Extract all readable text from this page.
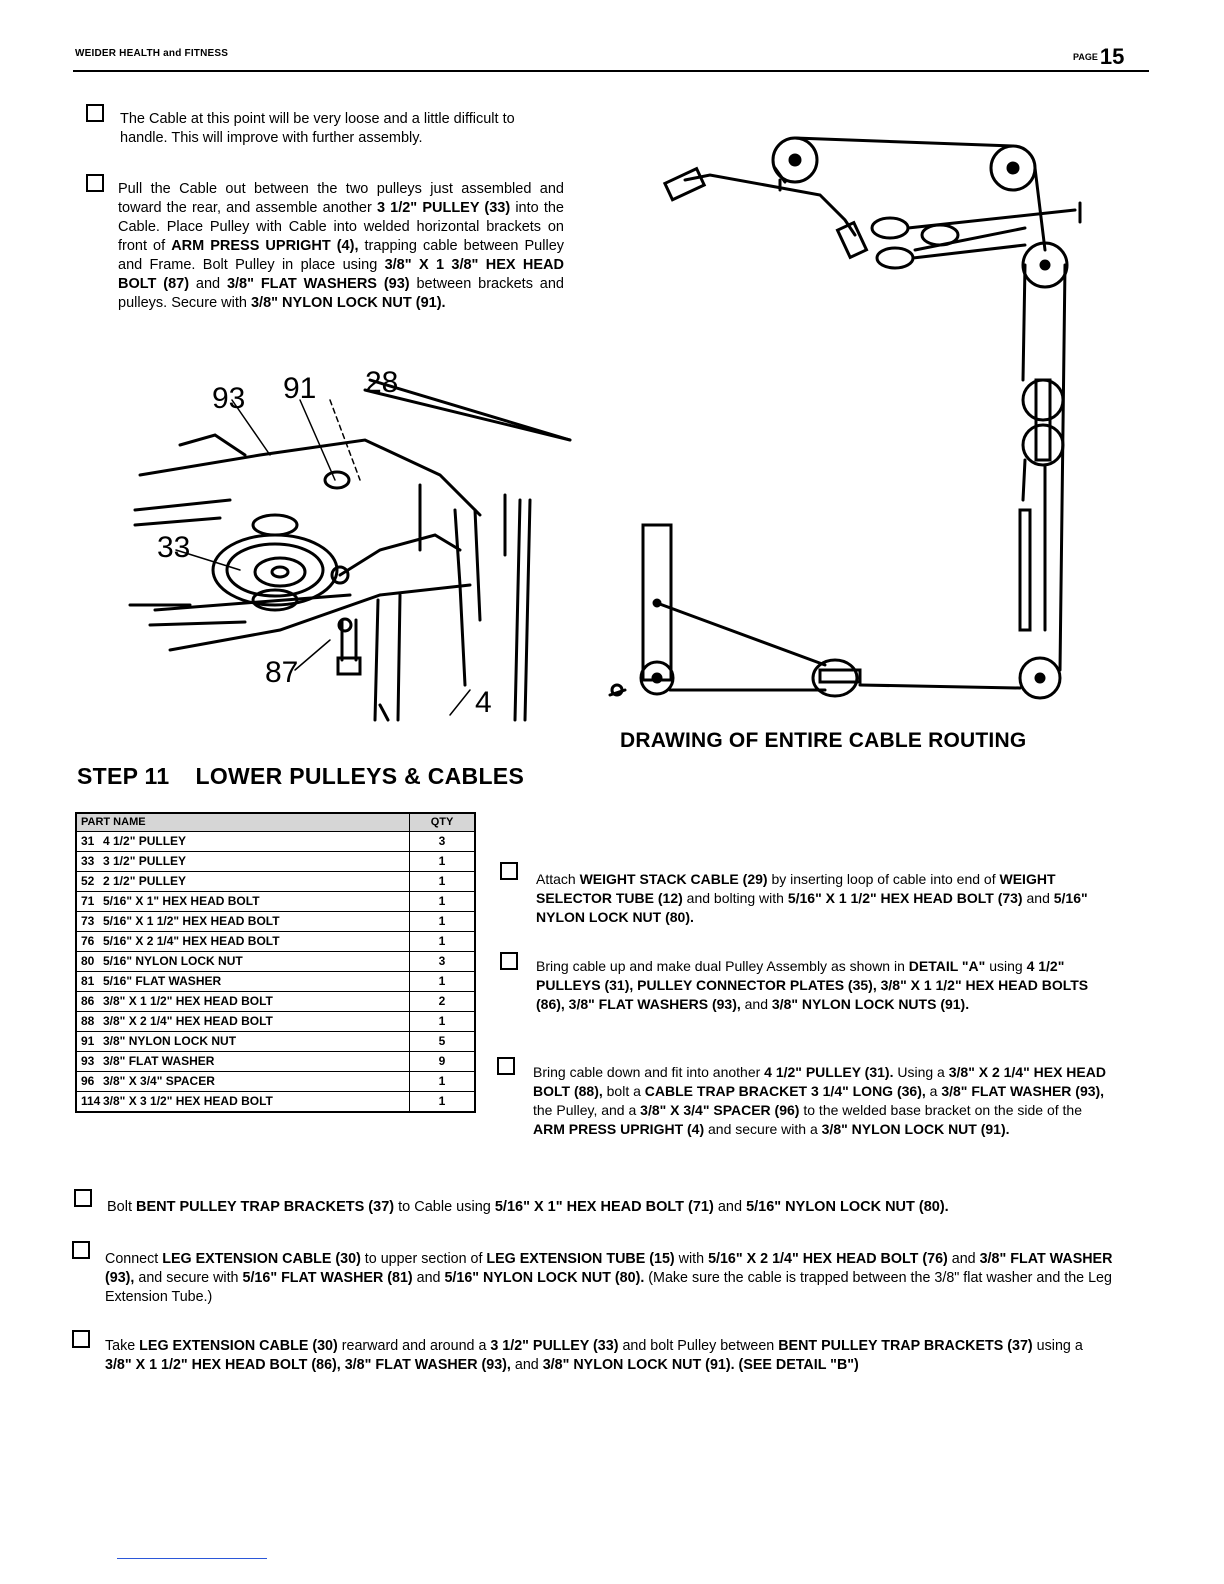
WEIDER HEALTH and FITNESS	PAGE15
The Cable at this point will be very loose and a little difficult to handle. This will improve with further assembly.
Pull the Cable out between the two pulleys just assembled and toward the rear, and assemble another 3 1/2" PULLEY (33) into the Cable. Place Pulley with Cable into welded horizontal brackets on front of ARM PRESS UPRIGHT (4), trapping cable between Pulley and Frame. Bolt Pulley in place using 3/8" X 1 3/8" HEX HEAD BOLT (87) and 3/8" FLAT WASHERS (93) between brackets and pulleys. Secure with 3/8" NYLON LOCK NUT (91).
93 91 28
33
87
4
DRAWING OF ENTIRE CABLE ROUTING
STEP 11 LOWER PULLEYS & CABLES
PART NAME	QTY
31 4 1/2" PULLEY	3
33 3 1/2" PULLEY	1
52 2 1/2" PULLEY	1
71 5/16" X 1" HEX HEAD BOLT	1
73 5/16" X 1 1/2" HEX HEAD BOLT	1
76 5/16" X 2 1/4" HEX HEAD BOLT	1
80 5/16" NYLON LOCK NUT	3
81 5/16" FLAT WASHER	1
86 3/8" X 1 1/2" HEX HEAD BOLT	2
88 3/8" X 2 1/4" HEX HEAD BOLT	1
91 3/8" NYLON LOCK NUT	5
93 3/8" FLAT WASHER	9
96 3/8" X 3/4" SPACER	1
114 3/8" X 3 1/2" HEX HEAD BOLT	1
Attach WEIGHT STACK CABLE (29) by inserting loop of cable into end of WEIGHT SELECTOR TUBE (12) and bolting with 5/16" X 1 1/2" HEX HEAD BOLT (73) and 5/16" NYLON LOCK NUT (80).
Bring cable up and make dual Pulley Assembly as shown in DETAIL "A" using 4 1/2" PULLEYS (31), PULLEY CONNECTOR PLATES (35), 3/8" X 1 1/2" HEX HEAD BOLTS (86), 3/8" FLAT WASHERS (93), and 3/8" NYLON LOCK NUTS (91).
Bring cable down and fit into another 4 1/2" PULLEY (31). Using a 3/8" X 2 1/4" HEX HEAD BOLT (88), bolt a CABLE TRAP BRACKET 3 1/4" LONG (36), a 3/8" FLAT WASHER (93), the Pulley, and a 3/8" X 3/4" SPACER (96) to the welded base bracket on the side of the ARM PRESS UPRIGHT (4) and secure with a 3/8" NYLON LOCK NUT (91).
Bolt BENT PULLEY TRAP BRACKETS (37) to Cable using 5/16" X 1" HEX HEAD BOLT (71) and 5/16" NYLON LOCK NUT (80).
Connect LEG EXTENSION CABLE (30) to upper section of LEG EXTENSION TUBE (15) with 5/16" X 2 1/4" HEX HEAD BOLT (76) and 3/8" FLAT WASHER (93), and secure with 5/16" FLAT WASHER (81) and 5/16" NYLON LOCK NUT (80). (Make sure the cable is trapped between the 3/8" flat washer and the Leg Extension Tube.)
Take LEG EXTENSION CABLE (30) rearward and around a 3 1/2" PULLEY (33) and bolt Pulley between BENT PULLEY TRAP BRACKETS (37) using a 3/8" X 1 1/2" HEX HEAD BOLT (86), 3/8" FLAT WASHER (93), and 3/8" NYLON LOCK NUT (91). (SEE DETAIL "B")
